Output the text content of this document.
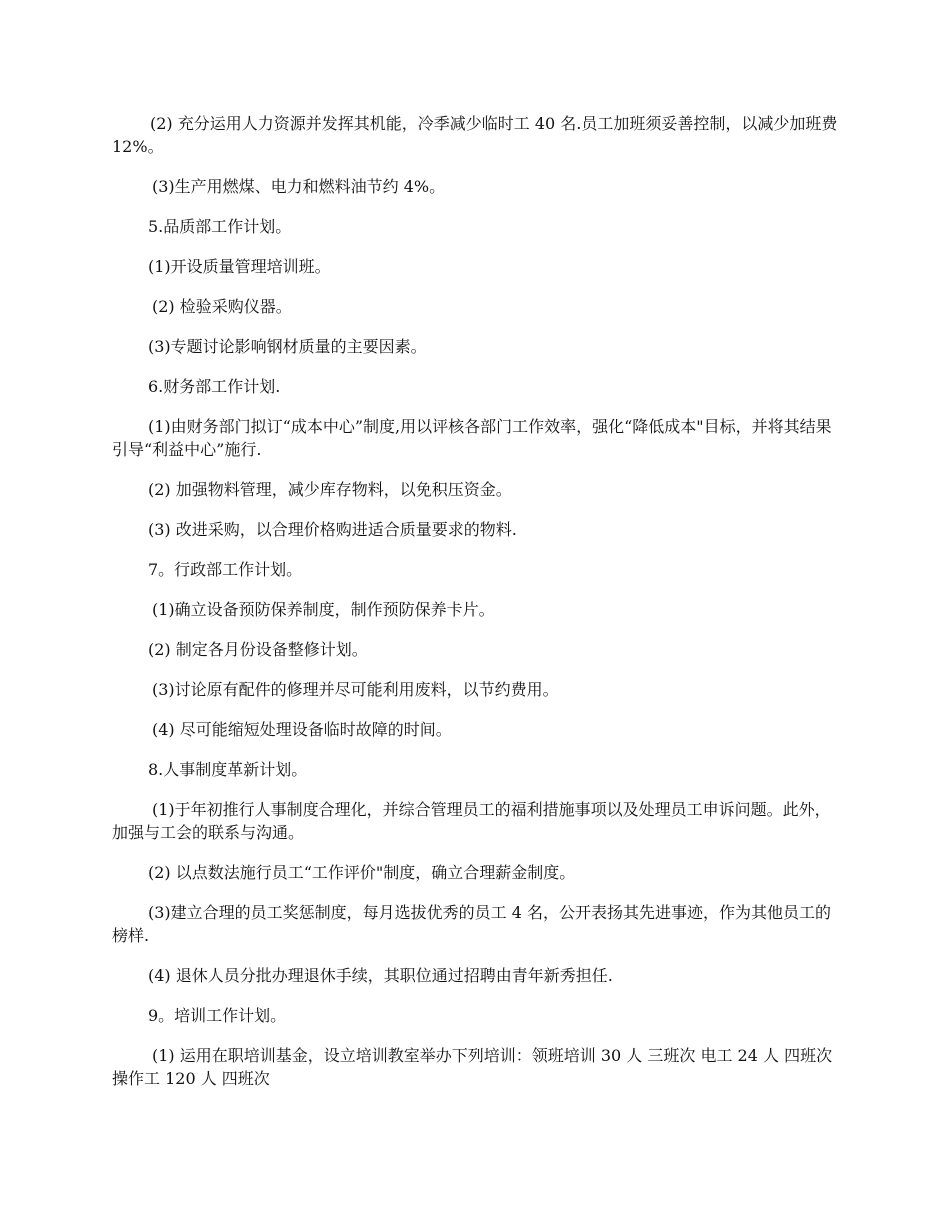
(2) 充分运用人力资源并发挥其机能，冷季减少临时工 40 名.员工加班须妥善控制，以减少加班费 12%。

(3)生产用燃煤、电力和燃料油节约 4%。

5.品质部工作计划。

(1)开设质量管理培训班。

(2) 检验采购仪器。

(3)专题讨论影响钢材质量的主要因素。

6.财务部工作计划.

(1)由财务部门拟订“成本中心”制度,用以评核各部门工作效率，强化“降低成本"目标，并将其结果引导“利益中心”施行.

(2) 加强物料管理，减少库存物料，以免积压资金。

(3) 改进采购，以合理价格购进适合质量要求的物料.

7。行政部工作计划。

(1)确立设备预防保养制度，制作预防保养卡片。

(2) 制定各月份设备整修计划。

(3)讨论原有配件的修理并尽可能利用废料，以节约费用。

(4) 尽可能缩短处理设备临时故障的时间。

8.人事制度革新计划。

(1)于年初推行人事制度合理化，并综合管理员工的福利措施事项以及处理员工申诉问题。此外，加强与工会的联系与沟通。

(2) 以点数法施行员工“工作评价"制度，确立合理薪金制度。

(3)建立合理的员工奖惩制度，每月选拔优秀的员工 4 名，公开表扬其先进事迹，作为其他员工的榜样.

(4) 退休人员分批办理退休手续，其职位通过招聘由青年新秀担任.

9。培训工作计划。

(1) 运用在职培训基金，设立培训教室举办下列培训：领班培训 30 人 三班次 电工 24 人 四班次操作工 120 人 四班次
